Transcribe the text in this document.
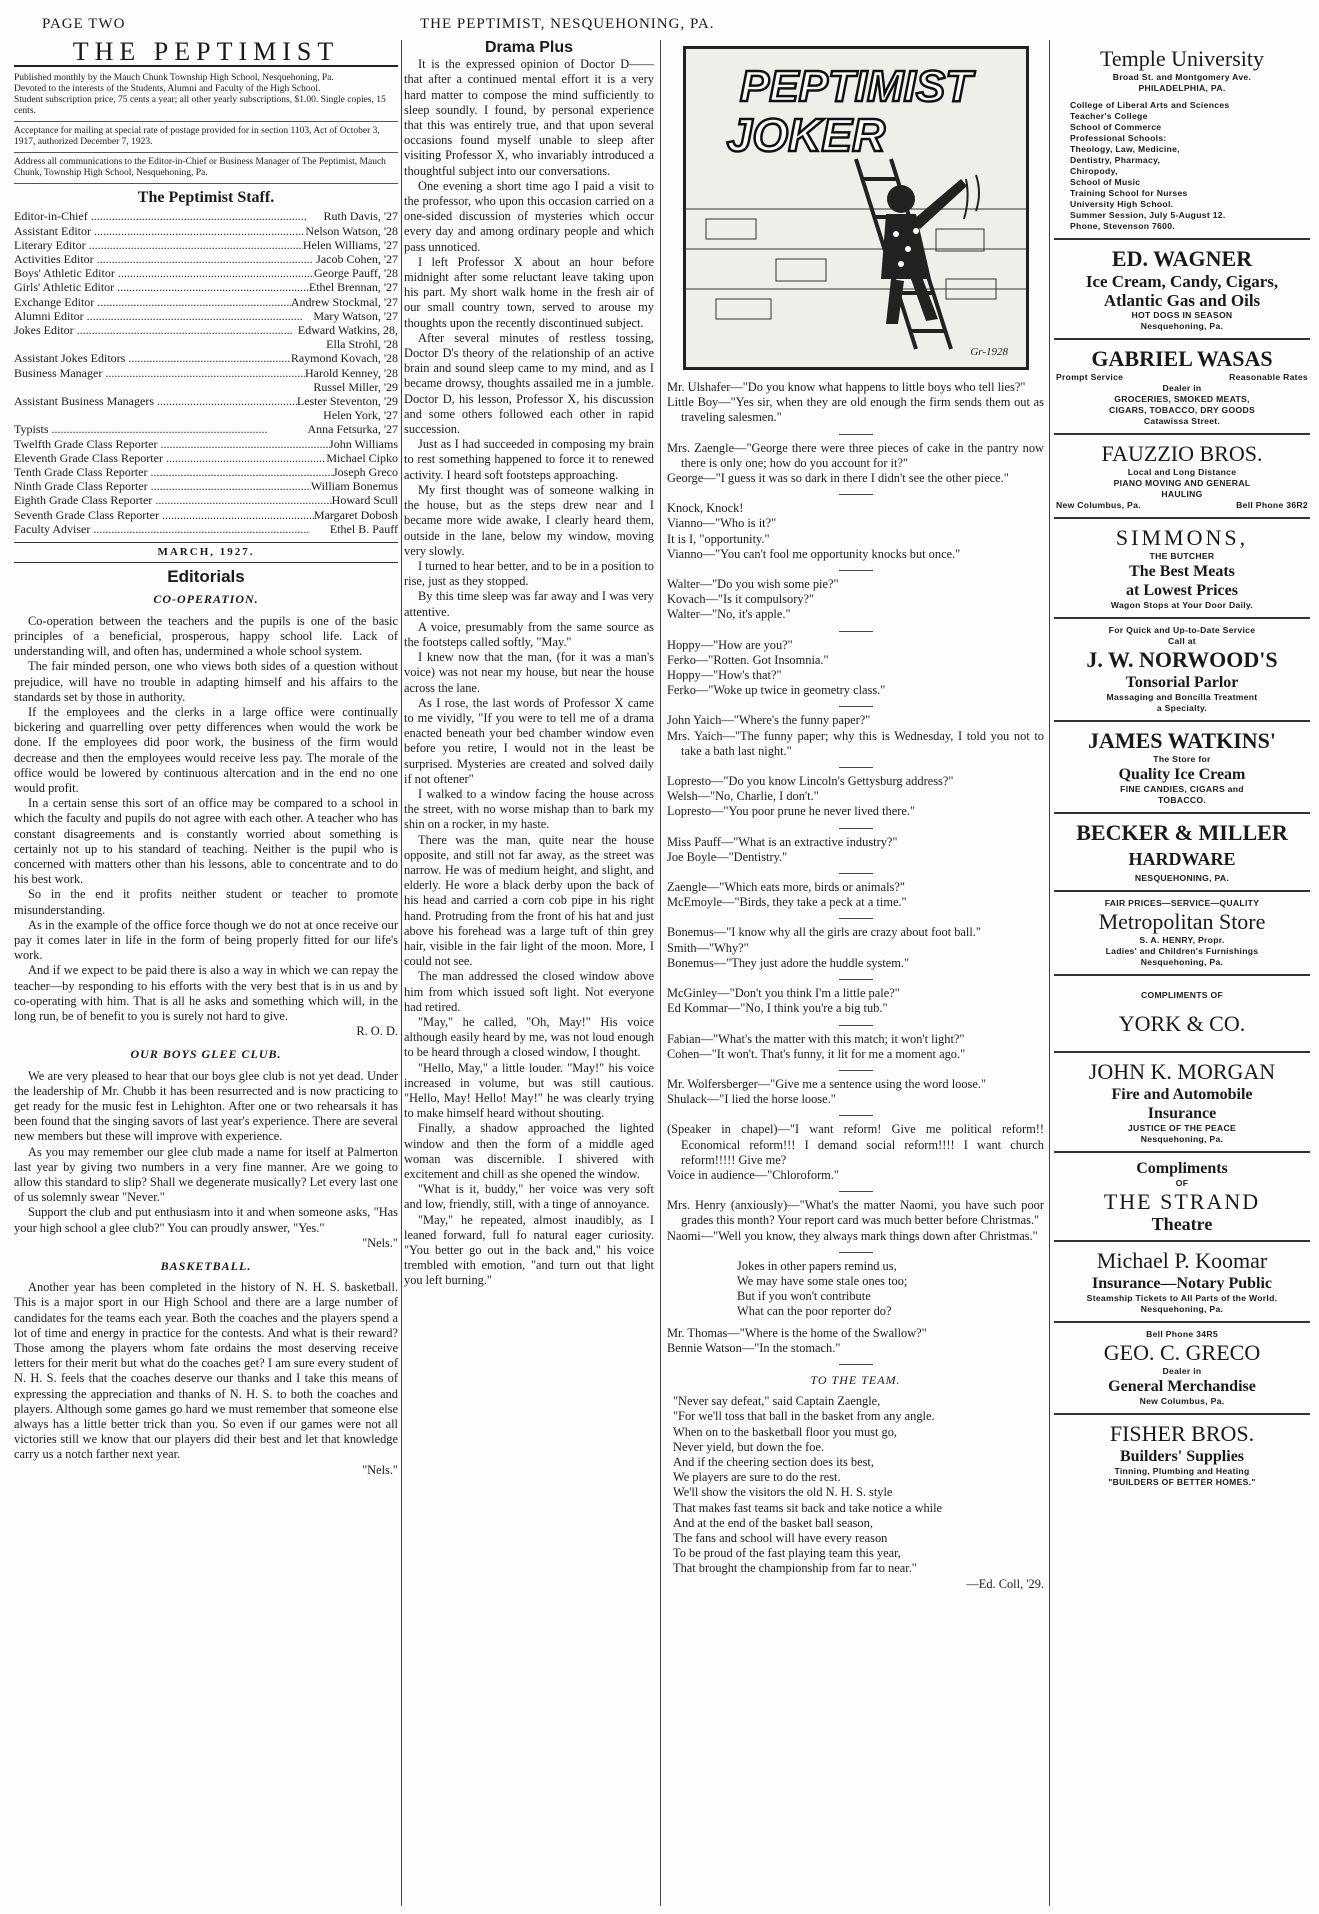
PAGE TWO	THE PEPTIMIST, NESQUEHONING, PA.
THE PEPTIMIST
Published monthly by the Mauch Chunk Township High School, Nesquehoning, Pa.
Devoted to the interests of the Students, Alumni and Faculty of the High School.
Student subscription price, 75 cents a year; all other yearly subscriptions, $1.00. Single copies, 15 cents.
Acceptance for mailing at special rate of postage provided for in section 1103, Act of October 3, 1917, authorized December 7, 1923.
Address all communications to the Editor-in-Chief or Business Manager of The Peptimist, Mauch Chunk, Township High School, Nesquehoning, Pa.
The Peptimist Staff.
Editor-in-Chief .....	Ruth Davis, '27
Assistant Editor .....	Nelson Watson, '28
Literary Editor .....	Helen Williams, '27
Activities Editor .....	Jacob Cohen, '27
Boys' Athletic Editor .....	George Pauff, '28
Girls' Athletic Editor .....	Ethel Brennan, '27
Exchange Editor .....	Andrew Stockmal, '27
Alumni Editor .....	Mary Watson, '27
Jokes Editor .....	Edward Watkins, 28,
Ella Strohl, '28
Assistant Jokes Editors .....	Raymond Kovach, '28
Business Manager .....	Harold Kenney, '28
Russel Miller, '29
Assistant Business Managers .....	Lester Steventon, '29
Helen York, '27
Typists .....	Anna Fetsurka, '27
Twelfth Grade Class Reporter .....	John Williams
Eleventh Grade Class Reporter .....	Michael Cipko
Tenth Grade Class Reporter .....	Joseph Greco
Ninth Grade Class Reporter .....	William Bonemus
Eighth Grade Class Reporter .....	Howard Scull
Seventh Grade Class Reporter .....	Margaret Dobosh
Faculty Adviser .....	Ethel B. Pauff
MARCH, 1927.
Editorials
CO-OPERATION.

Co-operation between the teachers and the pupils is one of the basic principles of a beneficial, prosperous, happy school life. Lack of understanding will, and often has, undermined a whole school system.

The fair minded person, one who views both sides of a question without prejudice, will have no trouble in adapting himself and his affairs to the standards set by those in authority.

If the employees and the clerks in a large office were continually bickering and quarrelling over petty differences when would the work be done. If the employees did poor work, the business of the firm would decrease and then the employees would receive less pay. The morale of the office would be lowered by continuous altercation and in the end no one would profit.

In a certain sense this sort of an office may be compared to a school in which the faculty and pupils do not agree with each other. A teacher who has constant disagreements and is constantly worried about something is certainly not up to his standard of teaching. Neither is the pupil who is concerned with matters other than his lessons, able to concentrate and to do his best work.

So in the end it profits neither student or teacher to promote misunderstanding.

As in the example of the office force though we do not at once receive our pay it comes later in life in the form of being properly fitted for our life's work.

And if we expect to be paid there is also a way in which we can repay the teacher—by responding to his efforts with the very best that is in us and by co-operating with him. That is all he asks and something which will, in the long run, be of benefit to you is surely not hard to give.

R. O. D.
OUR BOYS GLEE CLUB.

We are very pleased to hear that our boys glee club is not yet dead. Under the leadership of Mr. Chubb it has been resurrected and is now practicing to get ready for the music fest in Lehighton. After one or two rehearsals it has been found that the singing savors of last year's experience. There are several new members but these will improve with experience.

As you may remember our glee club made a name for itself at Palmerton last year by giving two numbers in a very fine manner. Are we going to allow this standard to slip? Shall we degenerate musically? Let every last one of us solemnly swear "Never."

Support the club and put enthusiasm into it and when someone asks, "Has your high school a glee club?" You can proudly answer, "Yes."

"Nels."
BASKETBALL.

Another year has been completed in the history of N. H. S. basketball. This is a major sport in our High School and there are a large number of candidates for the teams each year. Both the coaches and the players spend a lot of time and energy in practice for the contests. And what is their reward? Those among the players whom fate ordains the most deserving receive letters for their merit but what do the coaches get? I am sure every student of N. H. S. feels that the coaches deserve our thanks and I take this means of expressing the appreciation and thanks of N. H. S. to both the coaches and players. Although some games go hard we must remember that someone else always has a little better trick than you. So even if our games were not all victories still we know that our players did their best and let that knowledge carry us a notch farther next year.

"Nels."
Drama Plus

It is the expressed opinion of Doctor D—— that after a continued mental effort it is a very hard matter to compose the mind sufficiently to sleep soundly. I found, by personal experience that this was entirely true, and that upon several occasions found myself unable to sleep after visiting Professor X, who invariably introduced a thoughtful subject into our conversations.

One evening a short time ago I paid a visit to the professor, who upon this occasion carried on a one-sided discussion of mysteries which occur every day and among ordinary people and which pass unnoticed.

I left Professor X about an hour before midnight after some reluctant leave taking upon his part. My short walk home in the fresh air of our small country town, served to arouse my thoughts upon the recently discontinued subject.

After several minutes of restless tossing, Doctor D's theory of the relationship of an active brain and sound sleep came to my mind, and as I became drowsy, thoughts assailed me in a jumble. Doctor D, his lesson, Professor X, his discussion and some others followed each other in rapid succession.

Just as I had succeeded in composing my brain to rest something happened to force it to renewed activity. I heard soft footsteps approaching.

My first thought was of someone walking in the house, but as the steps drew near and I became more wide awake, I clearly heard them, outside in the lane, below my window, moving very slowly.

I turned to hear better, and to be in a position to rise, just as they stopped.

By this time sleep was far away and I was very attentive.

A voice, presumably from the same source as the footsteps called softly, "May."

I knew now that the man, (for it was a man's voice) was not near my house, but near the house across the lane.

As I rose, the last words of Professor X came to me vividly, "If you were to tell me of a drama enacted beneath your bed chamber window even before you retire, I would not in the least be surprised. Mysteries are created and solved daily if not oftener"

I walked to a window facing the house across the street, with no worse mishap than to bark my shin on a rocker, in my haste.

There was the man, quite near the house opposite, and still not far away, as the street was narrow. He was of medium height, and slight, and elderly. He wore a black derby upon the back of his head and carried a corn cob pipe in his right hand. Protruding from the front of his hat and just above his forehead was a large tuft of thin grey hair, visible in the fair light of the moon. More, I could not see.

The man addressed the closed window above him from which issued soft light. Not everyone had retired.

"May," he called, "Oh, May!" His voice although easily heard by me, was not loud enough to be heard through a closed window, I thought.

"Hello, May," a little louder. "May!" his voice increased in volume, but was still cautious. "Hello, May! Hello! May!" he was clearly trying to make himself heard without shouting.

Finally, a shadow approached the lighted window and then the form of a middle aged woman was discernible. I shivered with excitement and chill as she opened the window.

"What is it, buddy," her voice was very soft and low, friendly, still, with a tinge of annoyance.

"May," he repeated, almost inaudibly, as I leaned forward, full fo natural eager curiosity. "You better go out in the back and," his voice trembled with emotion, "and turn out that light you left burning."

PEPTIMIST
JOKER
Gr-1928
Mr. Ulshafer—"Do you know what happens to little boys who tell lies?"
Little Boy—"Yes sir, when they are old enough the firm sends them out as traveling salesmen."
Mrs. Zaengle—"George there were three pieces of cake in the pantry now there is only one; how do you account for it?"
George—"I guess it was so dark in there I didn't see the other piece."
Knock, Knock!
Vianno—"Who is it?"
It is I, "opportunity."
Vianno—"You can't fool me opportunity knocks but once."
Walter—"Do you wish some pie?"
Kovach—"Is it compulsory?"
Walter—"No, it's apple."
Hoppy—"How are you?"
Ferko—"Rotten. Got Insomnia."
Hoppy—"How's that?"
Ferko—"Woke up twice in geometry class."
John Yaich—"Where's the funny paper?"
Mrs. Yaich—"The funny paper; why this is Wednesday, I told you not to take a bath last night."
Lopresto—"Do you know Lincoln's Gettysburg address?"
Welsh—"No, Charlie, I don't."
Lopresto—"You poor prune he never lived there."
Miss Pauff—"What is an extractive industry?"
Joe Boyle—"Dentistry."
Zaengle—"Which eats more, birds or animals?"
McEmoyle—"Birds, they take a peck at a time."
Bonemus—"I know why all the girls are crazy about foot ball."
Smith—"Why?"
Bonemus—"They just adore the huddle system."
McGinley—"Don't you think I'm a little pale?"
Ed Kommar—"No, I think you're a big tub."
Fabian—"What's the matter with this match; it won't light?"
Cohen—"It won't. That's funny, it lit for me a moment ago."
Mr. Wolfersberger—"Give me a sentence using the word loose."
Shulack—"I lied the horse loose."
(Speaker in chapel)—"I want reform! Give me political reform!! Economical reform!!! I demand social reform!!!! I want church reform!!!!! Give me?
Voice in audience—"Chloroform."
Mrs. Henry (anxiously)—"What's the matter Naomi, you have such poor grades this month? Your report card was much better before Christmas."
Naomi—"Well you know, they always mark things down after Christmas."
Jokes in other papers remind us,
We may have some stale ones too;
But if you won't contribute
What can the poor reporter do?
Mr. Thomas—"Where is the home of the Swallow?"
Bennie Watson—"In the stomach."
TO THE TEAM.
"Never say defeat," said Captain Zaengle,
"For we'll toss that ball in the basket from any angle.
When on to the basketball floor you must go,
Never yield, but down the foe.
And if the cheering section does its best,
We players are sure to do the rest.
We'll show the visitors the old N. H. S. style
That makes fast teams sit back and take notice a while
And at the end of the basket ball season,
The fans and school will have every reason
To be proud of the fast playing team this year,
That brought the championship from far to near."
—Ed. Coll, '29.
Temple University
Broad St. and Montgomery Ave.
PHILADELPHIA, PA.
College of Liberal Arts and Sciences
Teacher's College
School of Commerce
Professional Schools:
Theology, Law, Medicine,
Dentistry, Pharmacy,
Chiropody,
School of Music
Training School for Nurses
University High School.
Summer Session, July 5-August 12.
Phone, Stevenson 7600.
ED. WAGNER
Ice Cream, Candy, Cigars,
Atlantic Gas and Oils
HOT DOGS IN SEASON
Nesquehoning, Pa.
GABRIEL WASAS
Prompt Service	Reasonable Rates
Dealer in
GROCERIES, SMOKED MEATS,
CIGARS, TOBACCO, DRY GOODS
Catawissa Street.
FAUZZIO BROS.
Local and Long Distance
PIANO MOVING AND GENERAL
HAULING
New Columbus, Pa.	Bell Phone 36R2
SIMMONS,
THE BUTCHER
The Best Meats
at Lowest Prices
Wagon Stops at Your Door Daily.
For Quick and Up-to-Date Service
Call at
J. W. NORWOOD'S
Tonsorial Parlor
Massaging and Boncilla Treatment
a Specialty.
JAMES WATKINS'
The Store for
Quality Ice Cream
FINE CANDIES, CIGARS and
TOBACCO.
BECKER & MILLER
HARDWARE
NESQUEHONING, PA.
FAIR PRICES—SERVICE—QUALITY
Metropolitan Store
S. A. HENRY, Propr.
Ladies' and Children's Furnishings
Nesquehoning, Pa.
COMPLIMENTS OF
YORK & CO.
JOHN K. MORGAN
Fire and Automobile
Insurance
JUSTICE OF THE PEACE
Nesquehoning, Pa.
Compliments
OF
THE STRAND
Theatre
Michael P. Koomar
Insurance—Notary Public
Steamship Tickets to All Parts of the World.
Nesquehoning, Pa.
Bell Phone 34R5
GEO. C. GRECO
Dealer in
General Merchandise
New Columbus, Pa.
FISHER BROS.
Builders' Supplies
Tinning, Plumbing and Heating
"BUILDERS OF BETTER HOMES."
